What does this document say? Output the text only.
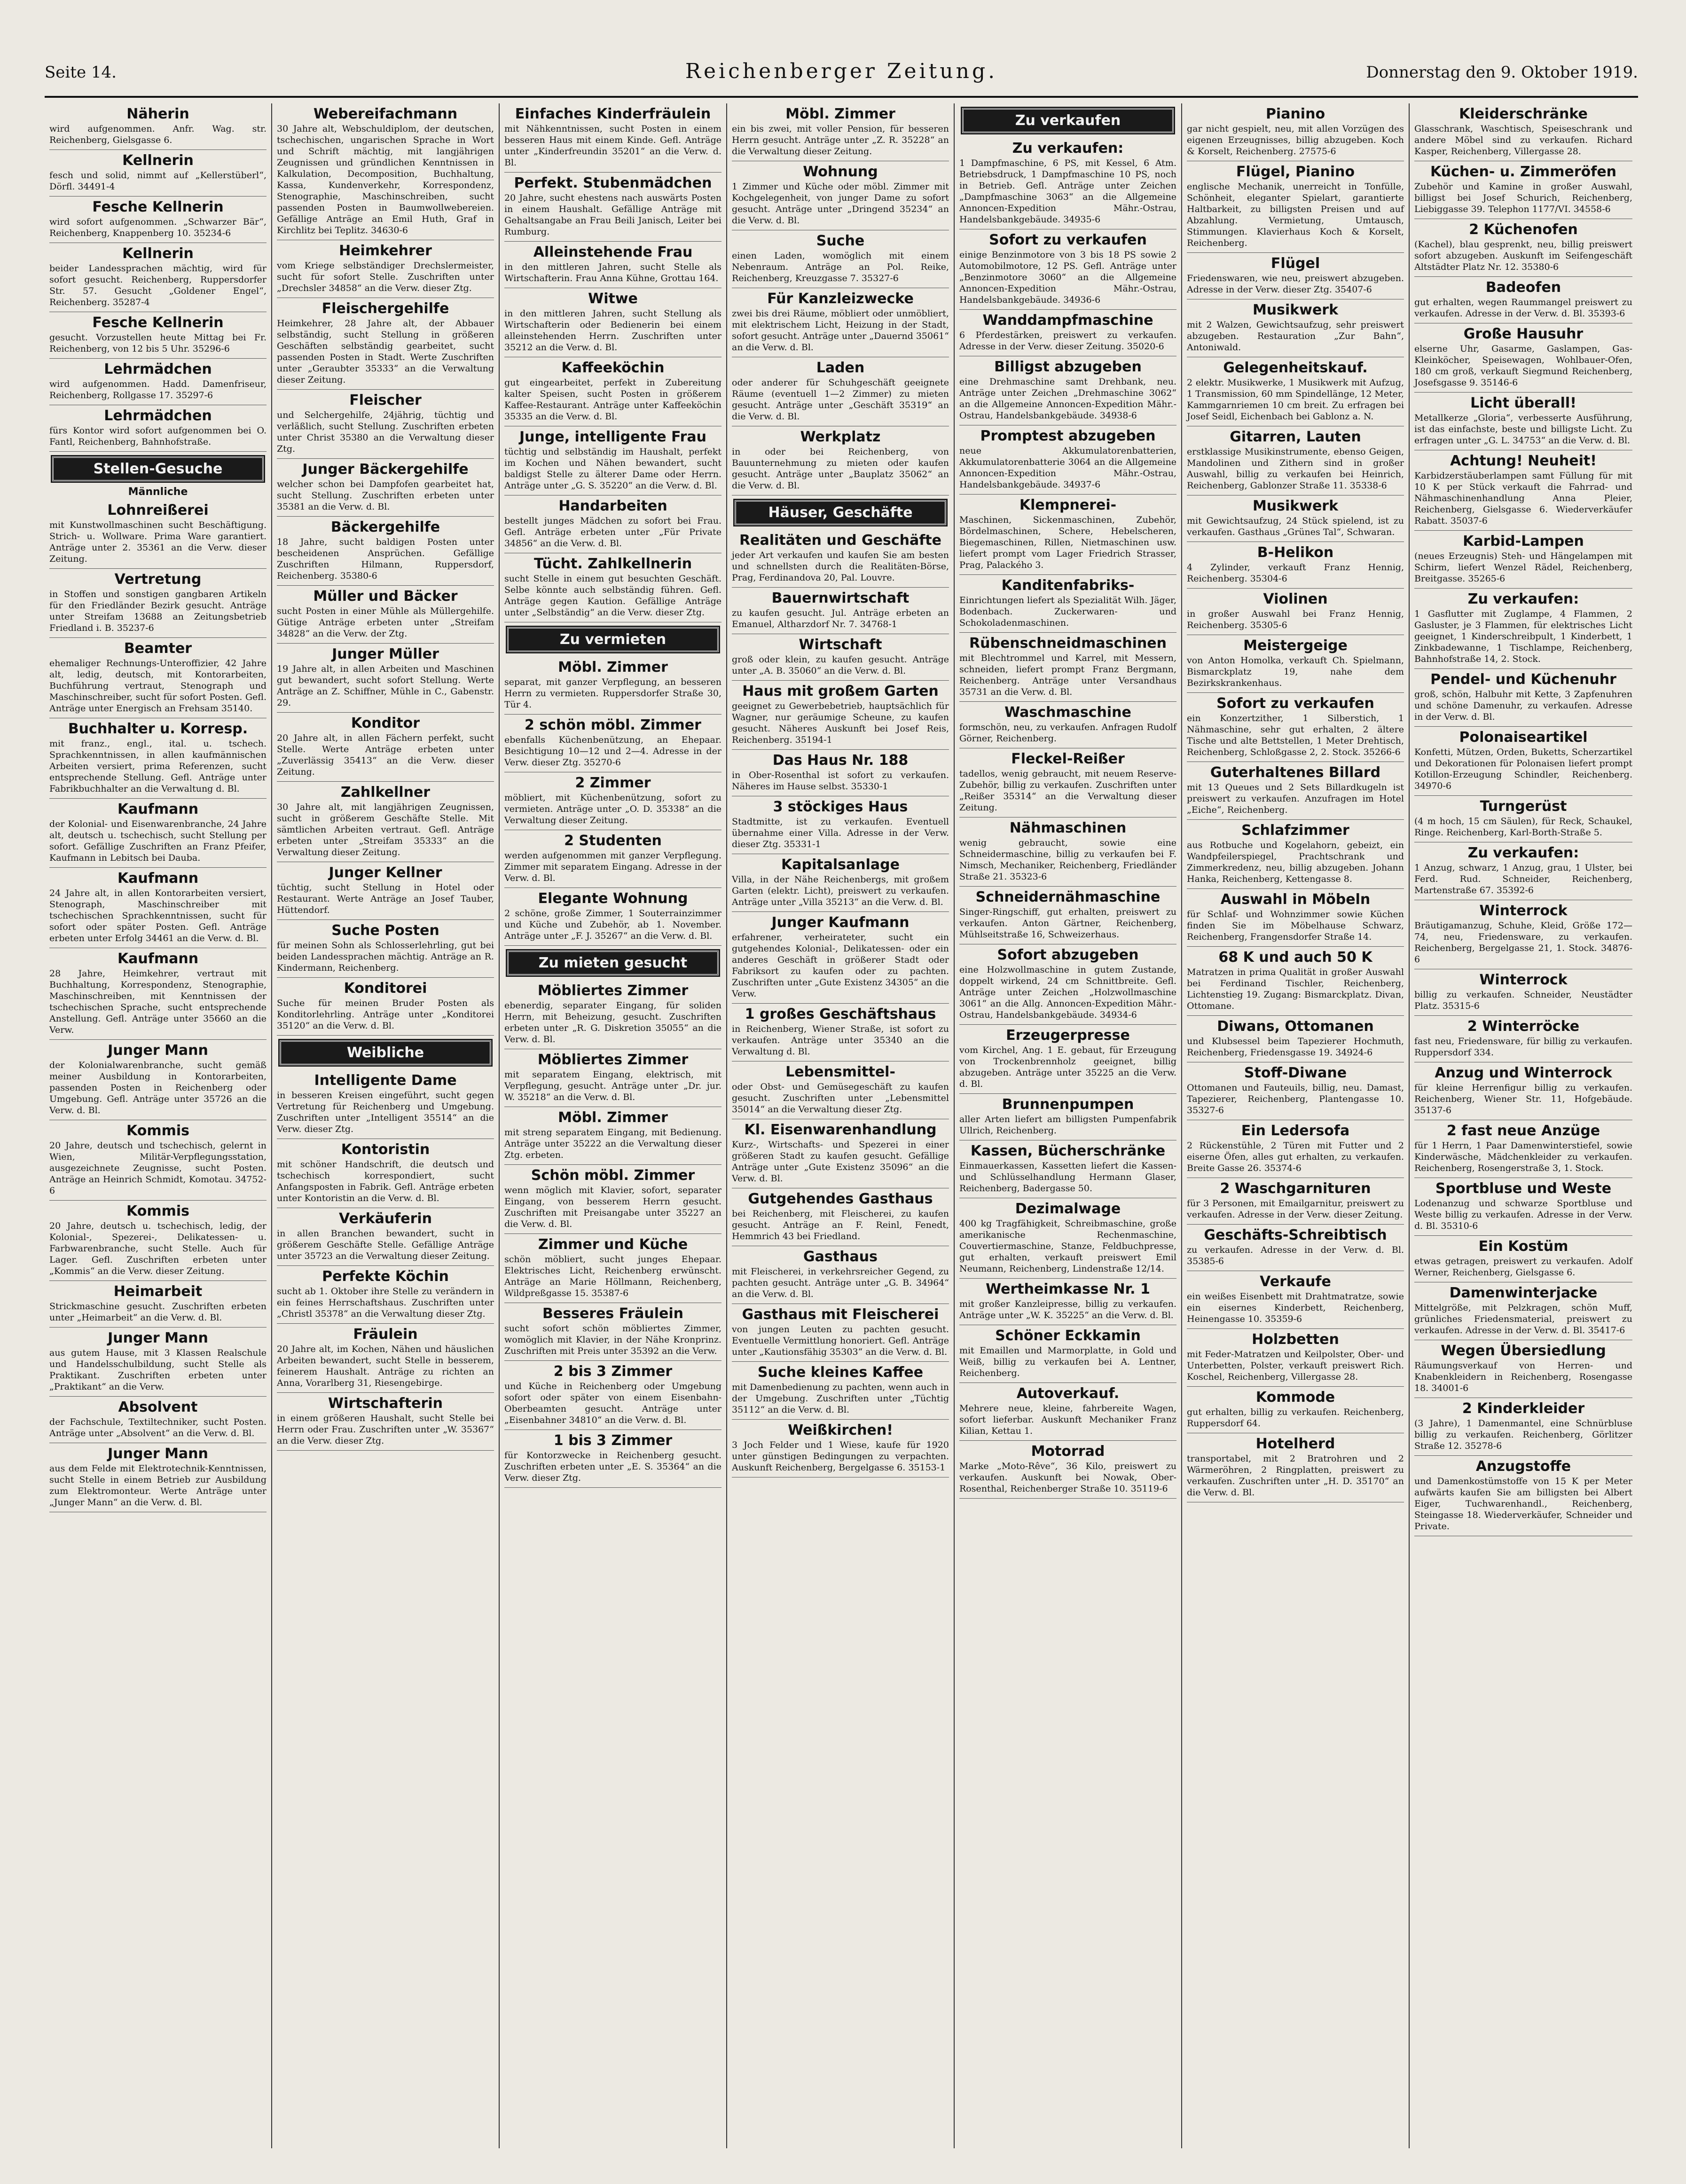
Seite 14.	Reichenberger Zeitung.	Donnerstag den 9. Oktober 1919.
Näherin

wird aufgenommen. Anfr. Wag. str. Reichenberg, Gielsgasse 6.

Kellnerin

fesch und solid, nimmt auf „Kellerstüberl“, Dörfl. 34491-4

Fesche Kellnerin

wird sofort aufgenommen. „Schwarzer Bär“, Reichenberg, Knappenberg 10. 35234-6

Kellnerin

beider Landessprachen mächtig, wird für sofort gesucht. Reichenberg, Ruppersdorfer Str. 57. Gesucht „Goldener Engel“, Reichenberg. 35287-4

Fesche Kellnerin

gesucht. Vorzustellen heute Mittag bei Fr. Reichenberg, von 12 bis 5 Uhr. 35296-6

Lehrmädchen

wird aufgenommen. Hadd. Damenfriseur, Reichenberg, Rollgasse 17. 35297-6

Lehrmädchen

fürs Kontor wird sofort aufgenommen bei O. Fantl, Reichenberg, Bahnhofstraße.

Stellen-Gesuche
Männliche
Lohnreißerei

mit Kunstwollmaschinen sucht Beschäftigung. Strich- u. Wollware. Prima Ware garantiert. Anträge unter 2. 35361 an die Verw. dieser Zeitung.

Vertretung

in Stoffen und sonstigen gangbaren Artikeln für den Friedländer Bezirk gesucht. Anträge unter Streifam 13688 an Zeitungsbetrieb Friedland i. B. 35237-6

Beamter

ehemaliger Rechnungs-Unteroffizier, 42 Jahre alt, ledig, deutsch, mit Kontorarbeiten, Buchführung vertraut, Stenograph und Maschinschreiber, sucht für sofort Posten. Gefl. Anträge unter Energisch an Frehsam 35140.

Buchhalter u. Korresp.

mit franz., engl., ital. u. tschech. Sprachkenntnissen, in allen kaufmännischen Arbeiten versiert, prima Referenzen, sucht entsprechende Stellung. Gefl. Anträge unter Fabrikbuchhalter an die Verwaltung d. Bl.

Kaufmann

der Kolonial- und Eisenwarenbranche, 24 Jahre alt, deutsch u. tschechisch, sucht Stellung per sofort. Gefällige Zuschriften an Franz Pfeifer, Kaufmann in Lebitsch bei Dauba.

Kaufmann

24 Jahre alt, in allen Kontorarbeiten versiert, Stenograph, Maschinschreiber mit tschechischen Sprachkenntnissen, sucht für sofort oder später Posten. Gefl. Anträge erbeten unter Erfolg 34461 an die Verw. d. Bl.

Kaufmann

28 Jahre, Heimkehrer, vertraut mit Buchhaltung, Korrespondenz, Stenographie, Maschinschreiben, mit Kenntnissen der tschechischen Sprache, sucht entsprechende Anstellung. Gefl. Anträge unter 35660 an die Verw.

Junger Mann

der Kolonialwarenbranche, sucht gemäß meiner Ausbildung in Kontorarbeiten, passenden Posten in Reichenberg oder Umgebung. Gefl. Anträge unter 35726 an die Verw. d. Bl.

Kommis

20 Jahre, deutsch und tschechisch, gelernt in Wien, Militär-Verpflegungsstation, ausgezeichnete Zeugnisse, sucht Posten. Anträge an Heinrich Schmidt, Komotau. 34752-6

Kommis

20 Jahre, deutsch u. tschechisch, ledig, der Kolonial-, Spezerei-, Delikatessen- u. Farbwarenbranche, sucht Stelle. Auch für Lager. Gefl. Zuschriften erbeten unter „Kommis“ an die Verw. dieser Zeitung.

Heimarbeit

Strickmaschine gesucht. Zuschriften erbeten unter „Heimarbeit“ an die Verw. d. Bl.

Junger Mann

aus gutem Hause, mit 3 Klassen Realschule und Handelsschulbildung, sucht Stelle als Praktikant. Zuschriften erbeten unter „Praktikant“ an die Verw.

Absolvent

der Fachschule, Textiltechniker, sucht Posten. Anträge unter „Absolvent“ an die Verw. d. Bl.

Junger Mann

aus dem Felde mit Elektrotechnik-Kenntnissen, sucht Stelle in einem Betrieb zur Ausbildung zum Elektromonteur. Werte Anträge unter „Junger Mann“ an die Verw. d. Bl.

Webereifachmann

30 Jahre alt, Webschuldiplom, der deutschen, tschechischen, ungarischen Sprache in Wort und Schrift mächtig, mit langjährigen Zeugnissen und gründlichen Kenntnissen in Kalkulation, Decomposition, Buchhaltung, Kassa, Kundenverkehr, Korrespondenz, Stenographie, Maschinschreiben, sucht passenden Posten in Baumwollwebereien. Gefällige Anträge an Emil Huth, Graf in Kirchlitz bei Teplitz. 34630-6

Heimkehrer

vom Kriege selbständiger Drechslermeister, sucht für sofort Stelle. Zuschriften unter „Drechsler 34858“ an die Verw. dieser Ztg.

Fleischergehilfe

Heimkehrer, 28 Jahre alt, der Abbauer selbständig, sucht Stellung in größeren Geschäften selbständig gearbeitet, sucht passenden Posten in Stadt. Werte Zuschriften unter „Geraubter 35333“ an die Verwaltung dieser Zeitung.

Fleischer

und Selchergehilfe, 24jährig, tüchtig und verläßlich, sucht Stellung. Zuschriften erbeten unter Christ 35380 an die Verwaltung dieser Ztg.

Junger Bäckergehilfe

welcher schon bei Dampfofen gearbeitet hat, sucht Stellung. Zuschriften erbeten unter 35381 an die Verw. d. Bl.

Bäckergehilfe

18 Jahre, sucht baldigen Posten unter bescheidenen Ansprüchen. Gefällige Zuschriften Hilmann, Ruppersdorf, Reichenberg. 35380-6

Müller und Bäcker

sucht Posten in einer Mühle als Müllergehilfe. Gütige Anträge erbeten unter „Streifam 34828“ an die Verw. der Ztg.

Junger Müller

19 Jahre alt, in allen Arbeiten und Maschinen gut bewandert, sucht sofort Stellung. Werte Anträge an Z. Schiffner, Mühle in C., Gabenstr. 29.

Konditor

20 Jahre alt, in allen Fächern perfekt, sucht Stelle. Werte Anträge erbeten unter „Zuverlässig 35413“ an die Verw. dieser Zeitung.

Zahlkellner

30 Jahre alt, mit langjährigen Zeugnissen, sucht in größerem Geschäfte Stelle. Mit sämtlichen Arbeiten vertraut. Gefl. Anträge erbeten unter „Streifam 35333“ an die Verwaltung dieser Zeitung.

Junger Kellner

tüchtig, sucht Stellung in Hotel oder Restaurant. Werte Anträge an Josef Tauber, Hüttendorf.

Suche Posten

für meinen Sohn als Schlosserlehrling, gut bei beiden Landessprachen mächtig. Anträge an R. Kindermann, Reichenberg.

Konditorei

Suche für meinen Bruder Posten als Konditorlehrling. Anträge unter „Konditorei 35120“ an die Verw. d. Bl.

Weibliche
Intelligente Dame

in besseren Kreisen eingeführt, sucht gegen Vertretung für Reichenberg und Umgebung. Zuschriften unter „Intelligent 35514“ an die Verw. dieser Ztg.

Kontoristin

mit schöner Handschrift, die deutsch und tschechisch korrespondiert, sucht Anfangsposten in Fabrik. Gefl. Anträge erbeten unter Kontoristin an die Verw. d. Bl.

Verkäuferin

in allen Branchen bewandert, sucht in größerem Geschäfte Stelle. Gefällige Anträge unter 35723 an die Verwaltung dieser Zeitung.

Perfekte Köchin

sucht ab 1. Oktober ihre Stelle zu verändern in ein feines Herrschaftshaus. Zuschriften unter „Christl 35378“ an die Verwaltung dieser Ztg.

Fräulein

20 Jahre alt, im Kochen, Nähen und häuslichen Arbeiten bewandert, sucht Stelle in besserem, feinerem Haushalt. Anträge zu richten an Anna, Vorarlberg 31, Riesengebirge.

Wirtschafterin

in einem größeren Haushalt, sucht Stelle bei Herrn oder Frau. Zuschriften unter „W. 35367“ an die Verw. dieser Ztg.

Einfaches Kinderfräulein

mit Nähkenntnissen, sucht Posten in einem besseren Haus mit einem Kinde. Gefl. Anträge unter „Kinderfreundin 35201“ an die Verw. d. Bl.

Perfekt. Stubenmädchen

20 Jahre, sucht ehestens nach auswärts Posten in einem Haushalt. Gefällige Anträge mit Gehaltsangabe an Frau Beili Janisch, Leiter bei Rumburg.

Alleinstehende Frau

in den mittleren Jahren, sucht Stelle als Wirtschafterin. Frau Anna Kühne, Grottau 164.

Witwe

in den mittleren Jahren, sucht Stellung als Wirtschafterin oder Bedienerin bei einem alleinstehenden Herrn. Zuschriften unter 35212 an die Verw. d. Bl.

Kaffeeköchin

gut eingearbeitet, perfekt in Zubereitung kalter Speisen, sucht Posten in größerem Kaffee-Restaurant. Anträge unter Kaffeeköchin 35335 an die Verw. d. Bl.

Junge, intelligente Frau

tüchtig und selbständig im Haushalt, perfekt im Kochen und Nähen bewandert, sucht baldigst Stelle zu älterer Dame oder Herrn. Anträge unter „G. S. 35220“ an die Verw. d. Bl.

Handarbeiten

bestellt junges Mädchen zu sofort bei Frau. Gefl. Anträge erbeten unter „Für Private 34856“ an die Verw. d. Bl.

Tücht. Zahlkellnerin

sucht Stelle in einem gut besuchten Geschäft. Selbe könnte auch selbständig führen. Gefl. Anträge gegen Kaution. Gefällige Anträge unter „Selbständig“ an die Verw. dieser Ztg.

Zu vermieten
Möbl. Zimmer

separat, mit ganzer Verpflegung, an besseren Herrn zu vermieten. Ruppersdorfer Straße 30, Tür 4.

2 schön möbl. Zimmer

ebenfalls Küchenbenützung, an Ehepaar. Besichtigung 10—12 und 2—4. Adresse in der Verw. dieser Ztg. 35270-6

2 Zimmer

möbliert, mit Küchenbenützung, sofort zu vermieten. Anträge unter „O. D. 35338“ an die Verwaltung dieser Zeitung.

2 Studenten

werden aufgenommen mit ganzer Verpflegung. Zimmer mit separatem Eingang. Adresse in der Verw. d. Bl.

Elegante Wohnung

2 schöne, große Zimmer, 1 Souterrainzimmer und Küche und Zubehör, ab 1. November. Anträge unter „F. J. 35267“ an die Verw. d. Bl.

Zu mieten gesucht
Möbliertes Zimmer

ebenerdig, separater Eingang, für soliden Herrn, mit Beheizung, gesucht. Zuschriften erbeten unter „R. G. Diskretion 35055“ an die Verw. d. Bl.

Möbliertes Zimmer

mit separatem Eingang, elektrisch, mit Verpflegung, gesucht. Anträge unter „Dr. jur. W. 35218“ an die Verw. d. Bl.

Möbl. Zimmer

mit streng separatem Eingang, mit Bedienung. Anträge unter 35222 an die Verwaltung dieser Ztg. erbeten.

Schön möbl. Zimmer

wenn möglich mit Klavier, sofort, separater Eingang, von besserem Herrn gesucht. Zuschriften mit Preisangabe unter 35227 an die Verw. d. Bl.

Zimmer und Küche

schön möbliert, sucht junges Ehepaar. Elektrisches Licht, Reichenberg erwünscht. Anträge an Marie Höllmann, Reichenberg, Wildpreßgasse 15. 35387-6

Besseres Fräulein

sucht sofort schön möbliertes Zimmer, womöglich mit Klavier, in der Nähe Kronprinz. Zuschriften mit Preis unter 35392 an die Verw.

2 bis 3 Zimmer

und Küche in Reichenberg oder Umgebung sofort oder später von einem Eisenbahn-Oberbeamten gesucht. Anträge unter „Eisenbahner 34810“ an die Verw. d. Bl.

1 bis 3 Zimmer

für Kontorzwecke in Reichenberg gesucht. Zuschriften erbeten unter „E. S. 35364“ an die Verw. dieser Ztg.

Möbl. Zimmer

ein bis zwei, mit voller Pension, für besseren Herrn gesucht. Anträge unter „Z. R. 35228“ an die Verwaltung dieser Zeitung.

Wohnung

1 Zimmer und Küche oder möbl. Zimmer mit Kochgelegenheit, von junger Dame zu sofort gesucht. Anträge unter „Dringend 35234“ an die Verw. d. Bl.

Suche

einen Laden, womöglich mit einem Nebenraum. Anträge an Pol. Reike, Reichenberg, Kreuzgasse 7. 35327-6

Für Kanzleizwecke

zwei bis drei Räume, möbliert oder unmöbliert, mit elektrischem Licht, Heizung in der Stadt, sofort gesucht. Anträge unter „Dauernd 35061“ an die Verw. d. Bl.

Laden

oder anderer für Schuhgeschäft geeignete Räume (eventuell 1—2 Zimmer) zu mieten gesucht. Anträge unter „Geschäft 35319“ an die Verw. d. Bl.

Werkplatz

in oder bei Reichenberg, von Bauunternehmung zu mieten oder kaufen gesucht. Anträge unter „Bauplatz 35062“ an die Verw. d. Bl.

Häuser, Geschäfte
Realitäten und Geschäfte

jeder Art verkaufen und kaufen Sie am besten und schnellsten durch die Realitäten-Börse, Prag, Ferdinandova 20, Pal. Louvre.

Bauernwirtschaft

zu kaufen gesucht. Jul. Anträge erbeten an Emanuel, Altharzdorf Nr. 7. 34768-1

Wirtschaft

groß oder klein, zu kaufen gesucht. Anträge unter „A. B. 35060“ an die Verw. d. Bl.

Haus mit großem Garten

geeignet zu Gewerbebetrieb, hauptsächlich für Wagner, nur geräumige Scheune, zu kaufen gesucht. Näheres Auskunft bei Josef Reis, Reichenberg. 35194-1

Das Haus Nr. 188

in Ober-Rosenthal ist sofort zu verkaufen. Näheres im Hause selbst. 35330-1

3 stöckiges Haus

Stadtmitte, ist zu verkaufen. Eventuell übernahme einer Villa. Adresse in der Verw. dieser Ztg. 35331-1

Kapitalsanlage

Villa, in der Nähe Reichenbergs, mit großem Garten (elektr. Licht), preiswert zu verkaufen. Anträge unter „Villa 35213“ an die Verw. d. Bl.

Junger Kaufmann

erfahrener, verheirateter, sucht ein gutgehendes Kolonial-, Delikatessen- oder ein anderes Geschäft in größerer Stadt oder Fabriksort zu kaufen oder zu pachten. Zuschriften unter „Gute Existenz 34305“ an die Verw.

1 großes Geschäftshaus

in Reichenberg, Wiener Straße, ist sofort zu verkaufen. Anträge unter 35340 an die Verwaltung d. Bl.

Lebensmittel-

oder Obst- und Gemüsegeschäft zu kaufen gesucht. Zuschriften unter „Lebensmittel 35014“ an die Verwaltung dieser Ztg.

Kl. Eisenwarenhandlung

Kurz-, Wirtschafts- und Spezerei in einer größeren Stadt zu kaufen gesucht. Gefällige Anträge unter „Gute Existenz 35096“ an die Verw. d. Bl.

Gutgehendes Gasthaus

bei Reichenberg, mit Fleischerei, zu kaufen gesucht. Anträge an F. Reinl, Fenedt, Hemmrich 43 bei Friedland.

Gasthaus

mit Fleischerei, in verkehrsreicher Gegend, zu pachten gesucht. Anträge unter „G. B. 34964“ an die Verw. d. Bl.

Gasthaus mit Fleischerei

von jungen Leuten zu pachten gesucht. Eventuelle Vermittlung honoriert. Gefl. Anträge unter „Kautionsfähig 35303“ an die Verw. d. Bl.

Suche kleines Kaffee

mit Damenbedienung zu pachten, wenn auch in der Umgebung. Zuschriften unter „Tüchtig 35112“ an die Verw. d. Bl.

Weißkirchen!

3 Joch Felder und 1 Wiese, kaufe für 1920 unter günstigen Bedingungen zu verpachten. Auskunft Reichenberg, Bergelgasse 6. 35153-1

Zu verkaufen
Zu verkaufen:

1 Dampfmaschine, 6 PS, mit Kessel, 6 Atm. Betriebsdruck, 1 Dampfmaschine 10 PS, noch in Betrieb. Gefl. Anträge unter Zeichen „Dampfmaschine 3063“ an die Allgemeine Annoncen-Expedition Mähr.-Ostrau, Handelsbankgebäude. 34935-6

Sofort zu verkaufen

einige Benzinmotore von 3 bis 18 PS sowie 2 Automobilmotore, 12 PS. Gefl. Anträge unter „Benzinmotore 3060“ an die Allgemeine Annoncen-Expedition Mähr.-Ostrau, Handelsbankgebäude. 34936-6

Wanddampfmaschine

6 Pferdestärken, preiswert zu verkaufen. Adresse in der Verw. dieser Zeitung. 35020-6

Billigst abzugeben

eine Drehmaschine samt Drehbank, neu. Anträge unter Zeichen „Drehmaschine 3062“ an die Allgemeine Annoncen-Expedition Mähr.-Ostrau, Handelsbankgebäude. 34938-6

Promptest abzugeben

neue Akkumulatorenbatterien, Akkumulatorenbatterie 3064 an die Allgemeine Annoncen-Expedition Mähr.-Ostrau, Handelsbankgebäude. 34937-6

Klempnerei-

Maschinen, Sickenmaschinen, Zubehör, Bördelmaschinen, Schere, Hebelscheren, Biegemaschinen, Rillen, Nietmaschinen usw. liefert prompt vom Lager Friedrich Strasser, Prag, Palackého 3.

Kanditenfabriks-

Einrichtungen liefert als Spezialität Wilh. Jäger, Bodenbach. Zuckerwaren- und Schokoladenmaschinen.

Rübenschneidmaschinen

mit Blechtrommel und Karrel, mit Messern, schneiden, liefert prompt Franz Bergmann, Reichenberg. Anträge unter Versandhaus 35731 an die Verw. d. Bl.

Waschmaschine

formschön, neu, zu verkaufen. Anfragen Rudolf Görner, Reichenberg.

Fleckel-Reißer

tadellos, wenig gebraucht, mit neuem Reserve-Zubehör, billig zu verkaufen. Zuschriften unter „Reißer 35314“ an die Verwaltung dieser Zeitung.

Nähmaschinen

wenig gebraucht, sowie eine Schneidermaschine, billig zu verkaufen bei F. Nimsch, Mechaniker, Reichenberg, Friedländer Straße 21. 35323-6

Schneidernähmaschine

Singer-Ringschiff, gut erhalten, preiswert zu verkaufen. Anton Gärtner, Reichenberg, Mühlseitstraße 16, Schweizerhaus.

Sofort abzugeben

eine Holzwollmaschine in gutem Zustande, doppelt wirkend, 24 cm Schnittbreite. Gefl. Anträge unter Zeichen „Holzwollmaschine 3061“ an die Allg. Annoncen-Expedition Mähr.-Ostrau, Handelsbankgebäude. 34934-6

Erzeugerpresse

vom Kirchel, Ang. 1 E. gebaut, für Erzeugung von Trockenbrennholz geeignet, billig abzugeben. Anträge unter 35225 an die Verw. d. Bl.

Brunnenpumpen

aller Arten liefert am billigsten Pumpenfabrik Ullrich, Reichenberg.

Kassen, Bücherschränke

Einmauerkassen, Kassetten liefert die Kassen- und Schlüsselhandlung Hermann Glaser, Reichenberg, Badergasse 50.

Dezimalwage

400 kg Tragfähigkeit, Schreibmaschine, große amerikanische Rechenmaschine, Couvertiermaschine, Stanze, Feldbuchpresse, gut erhalten, verkauft preiswert Emil Neumann, Reichenberg, Lindenstraße 12/14.

Wertheimkasse Nr. 1

mit großer Kanzleipresse, billig zu verkaufen. Anträge unter „W. K. 35225“ an die Verw. d. Bl.

Schöner Eckkamin

mit Emaillen und Marmorplatte, in Gold und Weiß, billig zu verkaufen bei A. Lentner, Reichenberg.

Autoverkauf.

Mehrere neue, kleine, fahrbereite Wagen, sofort lieferbar. Auskunft Mechaniker Franz Kilian, Kettau 1.

Motorrad

Marke „Moto-Rêve“, 36 Kilo, preiswert zu verkaufen. Auskunft bei Nowak, Ober-Rosenthal, Reichenberger Straße 10. 35119-6

Pianino

gar nicht gespielt, neu, mit allen Vorzügen des eigenen Erzeugnisses, billig abzugeben. Koch & Korselt, Reichenberg. 27575-6

Flügel, Pianino

englische Mechanik, unerreicht in Tonfülle, Schönheit, eleganter Spielart, garantierte Haltbarkeit, zu billigsten Preisen und auf Abzahlung. Vermietung, Umtausch, Stimmungen. Klavierhaus Koch & Korselt, Reichenberg.

Flügel

Friedenswaren, wie neu, preiswert abzugeben. Adresse in der Verw. dieser Ztg. 35407-6

Musikwerk

mit 2 Walzen, Gewichtsaufzug, sehr preiswert abzugeben. Restauration „Zur Bahn“, Antoniwald.

Gelegenheitskauf.

2 elektr. Musikwerke, 1 Musikwerk mit Aufzug, 1 Transmission, 60 mm Spindellänge, 12 Meter, Kammgarnriemen 10 cm breit. Zu erfragen bei Josef Seidl, Eichenbach bei Gablonz a. N.

Gitarren, Lauten

erstklassige Musikinstrumente, ebenso Geigen, Mandolinen und Zithern sind in großer Auswahl, billig zu verkaufen bei Heinrich, Reichenberg, Gablonzer Straße 11. 35338-6

Musikwerk

mit Gewichtsaufzug, 24 Stück spielend, ist zu verkaufen. Gasthaus „Grünes Tal“, Schwaran.

B-Helikon

4 Zylinder, verkauft Franz Hennig, Reichenberg. 35304-6

Violinen

in großer Auswahl bei Franz Hennig, Reichenberg. 35305-6

Meistergeige

von Anton Homolka, verkauft Ch. Spielmann, Bismarckplatz 19, nahe dem Bezirkskrankenhaus.

Sofort zu verkaufen

ein Konzertzither, 1 Silberstich, 1 Nähmaschine, sehr gut erhalten, 2 ältere Tische und alte Bettstellen, 1 Meter Drehtisch, Reichenberg, Schloßgasse 2, 2. Stock. 35266-6

Guterhaltenes Billard

mit 13 Queues und 2 Sets Billardkugeln ist preiswert zu verkaufen. Anzufragen im Hotel „Eiche“, Reichenberg.

Schlafzimmer

aus Rotbuche und Kogelahorn, gebeizt, ein Wandpfeilerspiegel, Prachtschrank und Zimmerkredenz, neu, billig abzugeben. Johann Hanka, Reichenberg, Kettengasse 8.

Auswahl in Möbeln

für Schlaf- und Wohnzimmer sowie Küchen finden Sie im Möbelhause Schwarz, Reichenberg, Frangensdorfer Straße 14.

68 K und auch 50 K

Matratzen in prima Qualität in großer Auswahl bei Ferdinand Tischler, Reichenberg, Lichtenstieg 19. Zugang: Bismarckplatz. Divan, Ottomane.

Diwans, Ottomanen

und Klubsessel beim Tapezierer Hochmuth, Reichenberg, Friedensgasse 19. 34924-6

Stoff-Diwane

Ottomanen und Fauteuils, billig, neu. Damast, Tapezierer, Reichenberg, Plantengasse 10. 35327-6

Ein Ledersofa

2 Rückenstühle, 2 Türen mit Futter und 2 eiserne Öfen, alles gut erhalten, zu verkaufen. Breite Gasse 26. 35374-6

2 Waschgarnituren

für 3 Personen, mit Emailgarnitur, preiswert zu verkaufen. Adresse in der Verw. dieser Zeitung.

Geschäfts-Schreibtisch

zu verkaufen. Adresse in der Verw. d. Bl. 35385-6

Verkaufe

ein weißes Eisenbett mit Drahtmatratze, sowie ein eisernes Kinderbett, Reichenberg, Heinengasse 10. 35359-6

Holzbetten

mit Feder-Matratzen und Keilpolster, Ober- und Unterbetten, Polster, verkauft preiswert Rich. Koschel, Reichenberg, Villergasse 28.

Kommode

gut erhalten, billig zu verkaufen. Reichenberg, Ruppersdorf 64.

Hotelherd

transportabel, mit 2 Bratrohren und 2 Wärmeröhren, 2 Ringplatten, preiswert zu verkaufen. Zuschriften unter „H. D. 35170“ an die Verw. d. Bl.

Kleiderschränke

Glasschrank, Waschtisch, Speiseschrank und andere Möbel sind zu verkaufen. Richard Kasper, Reichenberg, Villergasse 28.

Küchen- u. Zimmeröfen

Zubehör und Kamine in großer Auswahl, billigst bei Josef Schurich, Reichenberg, Liebiggasse 39. Telephon 1177/VI. 34558-6

2 Küchenofen

(Kachel), blau gesprenkt, neu, billig preiswert sofort abzugeben. Auskunft im Seifengeschäft Altstädter Platz Nr. 12. 35380-6

Badeofen

gut erhalten, wegen Raummangel preiswert zu verkaufen. Adresse in der Verw. d. Bl. 35393-6

Große Hausuhr

elserne Uhr, Gasarme, Gaslampen, Gas-Kleinköcher, Speisewagen, Wohlbauer-Ofen, 180 cm groß, verkauft Siegmund Reichenberg, Josefsgasse 9. 35146-6

Licht überall!

Metallkerze „Gloria“, verbesserte Ausführung, ist das einfachste, beste und billigste Licht. Zu erfragen unter „G. L. 34753“ an die Verw. d. Bl.

Achtung! Neuheit!

Karbidzerstäuberlampen samt Füllung für mit 10 K per Stück verkauft die Fahrrad- und Nähmaschinenhandlung Anna Pleier, Reichenberg, Gielsgasse 6. Wiederverkäufer Rabatt. 35037-6

Karbid-Lampen

(neues Erzeugnis) Steh- und Hängelampen mit Schirm, liefert Wenzel Rädel, Reichenberg, Breitgasse. 35265-6

Zu verkaufen:

1 Gasflutter mit Zuglampe, 4 Flammen, 2 Gasluster, je 3 Flammen, für elektrisches Licht geeignet, 1 Kinderschreibpult, 1 Kinderbett, 1 Zinkbadewanne, 1 Tischlampe, Reichenberg, Bahnhofstraße 14, 2. Stock.

Pendel- und Küchenuhr

groß, schön, Halbuhr mit Kette, 3 Zapfenuhren und schöne Damenuhr, zu verkaufen. Adresse in der Verw. d. Bl.

Polonaiseartikel

Konfetti, Mützen, Orden, Buketts, Scherzartikel und Dekorationen für Polonaisen liefert prompt Kotillon-Erzeugung Schindler, Reichenberg. 34970-6

Turngerüst

(4 m hoch, 15 cm Säulen), für Reck, Schaukel, Ringe. Reichenberg, Karl-Borth-Straße 5.

Zu verkaufen:

1 Anzug, schwarz, 1 Anzug, grau, 1 Ulster, bei Ferd. Rud. Schneider, Reichenberg, Martenstraße 67. 35392-6

Winterrock

Bräutigamanzug, Schuhe, Kleid, Größe 172—74, neu, Friedensware, zu verkaufen. Reichenberg, Bergelgasse 21, 1. Stock. 34876-6

Winterrock

billig zu verkaufen. Schneider, Neustädter Platz. 35315-6

2 Winterröcke

fast neu, Friedensware, für billig zu verkaufen. Ruppersdorf 334.

Anzug und Winterrock

für kleine Herrenfigur billig zu verkaufen. Reichenberg, Wiener Str. 11, Hofgebäude. 35137-6

2 fast neue Anzüge

für 1 Herrn, 1 Paar Damenwinterstiefel, sowie Kinderwäsche, Mädchenkleider zu verkaufen. Reichenberg, Rosengerstraße 3, 1. Stock.

Sportbluse und Weste

Lodenanzug und schwarze Sportbluse und Weste billig zu verkaufen. Adresse in der Verw. d. Bl. 35310-6

Ein Kostüm

etwas getragen, preiswert zu verkaufen. Adolf Werner, Reichenberg, Gielsgasse 6.

Damenwinterjacke

Mittelgröße, mit Pelzkragen, schön Muff, grünliches Friedensmaterial, preiswert zu verkaufen. Adresse in der Verw. d. Bl. 35417-6

Wegen Übersiedlung

Räumungsverkauf von Herren- und Knabenkleidern in Reichenberg, Rosengasse 18. 34001-6

2 Kinderkleider

(3 Jahre), 1 Damenmantel, eine Schnürbluse billig zu verkaufen. Reichenberg, Görlitzer Straße 12. 35278-6

Anzugstoffe

und Damenkostümstoffe von 15 K per Meter aufwärts kaufen Sie am billigsten bei Albert Eiger, Tuchwarenhandl., Reichenberg, Steingasse 18. Wiederverkäufer, Schneider und Private.
